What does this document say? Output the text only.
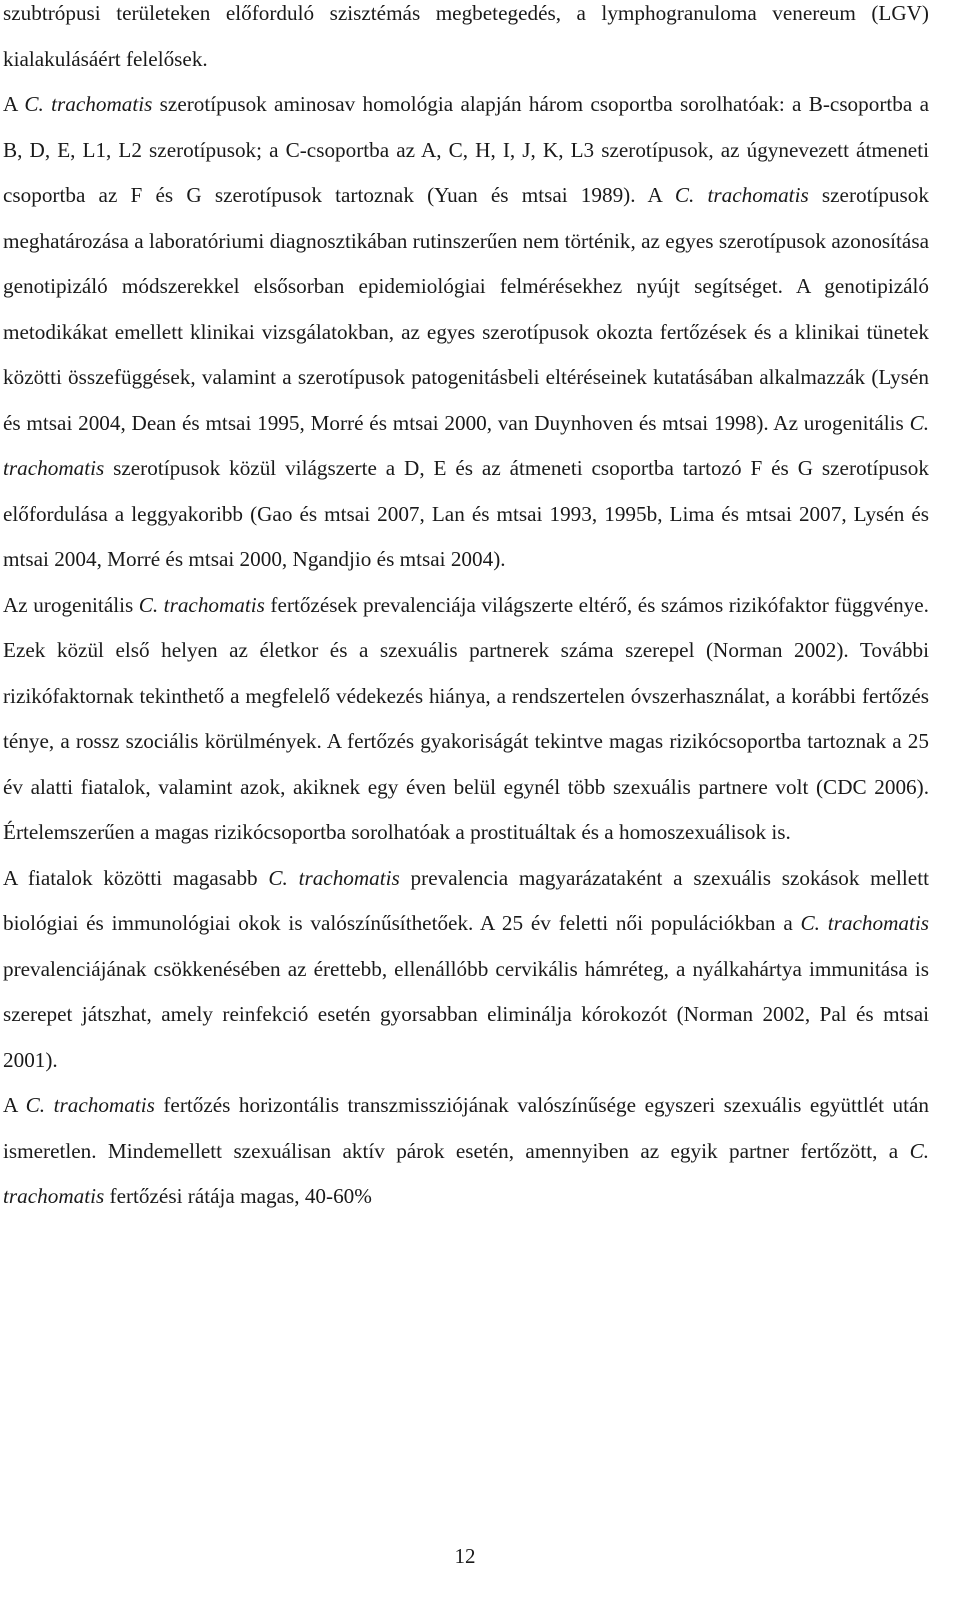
szubtrópusi területeken előforduló szisztémás megbetegedés, a lymphogranuloma venereum (LGV) kialakulásáért felelősek.

A C. trachomatis szerotípusok aminosav homológia alapján három csoportba sorolhatóak: a B-csoportba a B, D, E, L1, L2 szerotípusok; a C-csoportba az A, C, H, I, J, K, L3 szerotípusok, az úgynevezett átmeneti csoportba az F és G szerotípusok tartoznak (Yuan és mtsai 1989). A C. trachomatis szerotípusok meghatározása a laboratóriumi diagnosztikában rutinszerűen nem történik, az egyes szerotípusok azonosítása genotipizáló módszerekkel elsősorban epidemiológiai felmérésekhez nyújt segítséget. A genotipizáló metodikákat emellett klinikai vizsgálatokban, az egyes szerotípusok okozta fertőzések és a klinikai tünetek közötti összefüggések, valamint a szerotípusok patogenitásbeli eltéréseinek kutatásában alkalmazzák (Lysén és mtsai 2004, Dean és mtsai 1995, Morré és mtsai 2000, van Duynhoven és mtsai 1998). Az urogenitális C. trachomatis szerotípusok közül világszerte a D, E és az átmeneti csoportba tartozó F és G szerotípusok előfordulása a leggyakoribb (Gao és mtsai 2007, Lan és mtsai 1993, 1995b, Lima és mtsai 2007, Lysén és mtsai 2004, Morré és mtsai 2000, Ngandjio és mtsai 2004).

Az urogenitális C. trachomatis fertőzések prevalenciája világszerte eltérő, és számos rizikófaktor függvénye. Ezek közül első helyen az életkor és a szexuális partnerek száma szerepel (Norman 2002). További rizikófaktornak tekinthető a megfelelő védekezés hiánya, a rendszertelen óvszerhasználat, a korábbi fertőzés ténye, a rossz szociális körülmények. A fertőzés gyakoriságát tekintve magas rizikócsoportba tartoznak a 25 év alatti fiatalok, valamint azok, akiknek egy éven belül egynél több szexuális partnere volt (CDC 2006). Értelemszerűen a magas rizikócsoportba sorolhatóak a prostituáltak és a homoszexuálisok is.

A fiatalok közötti magasabb C. trachomatis prevalencia magyarázataként a szexuális szokások mellett biológiai és immunológiai okok is valószínűsíthetőek. A 25 év feletti női populációkban a C. trachomatis prevalenciájának csökkenésében az érettebb, ellenállóbb cervikális hámréteg, a nyálkahártya immunitása is szerepet játszhat, amely reinfekció esetén gyorsabban eliminálja kórokozót (Norman 2002, Pal és mtsai 2001).

A C. trachomatis fertőzés horizontális transzmissziójának valószínűsége egyszeri szexuális együttlét után ismeretlen. Mindemellett szexuálisan aktív párok esetén, amennyiben az egyik partner fertőzött, a C. trachomatis fertőzési rátája magas, 40-60%

12
